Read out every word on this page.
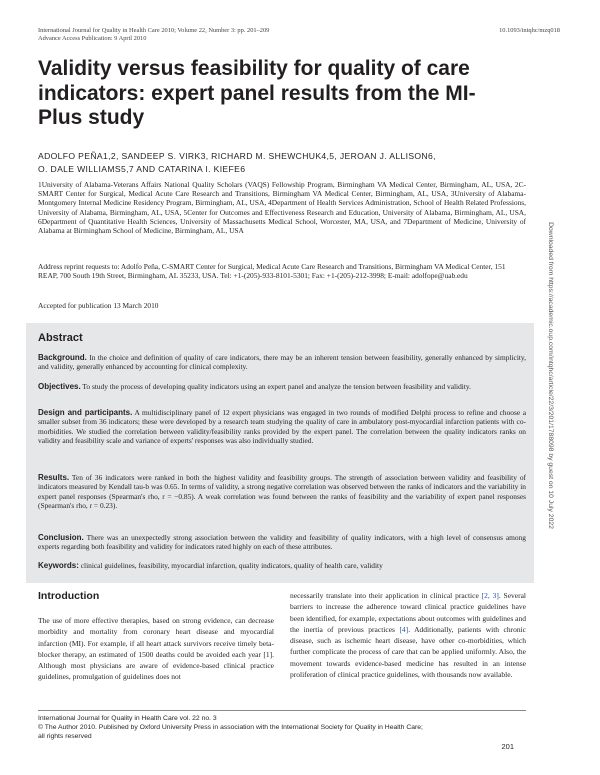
International Journal for Quality in Health Care 2010; Volume 22, Number 3: pp. 201–209
Advance Access Publication: 9 April 2010
10.1093/intqhc/mzq018
Validity versus feasibility for quality of care indicators: expert panel results from the MI-Plus study
ADOLFO PEÑA1,2, SANDEEP S. VIRK3, RICHARD M. SHEWCHUK4,5, JEROAN J. ALLISON6,
O. DALE WILLIAMS5,7 AND CATARINA I. KIEFE6
1University of Alabama-Veterans Affairs National Quality Scholars (VAQS) Fellowship Program, Birmingham VA Medical Center, Birmingham, AL, USA, 2C-SMART Center for Surgical, Medical Acute Care Research and Transitions, Birmingham VA Medical Center, Birmingham, AL, USA, 3University of Alabama-Montgomery Internal Medicine Residency Program, Birmingham, AL, USA, 4Department of Health Services Administration, School of Health Related Professions, University of Alabama, Birmingham, AL, USA, 5Center for Outcomes and Effectiveness Research and Education, University of Alabama, Birmingham, AL, USA, 6Department of Quantitative Health Sciences, University of Massachusetts Medical School, Worcester, MA, USA, and 7Department of Medicine, University of Alabama at Birmingham School of Medicine, Birmingham, AL, USA
Address reprint requests to: Adolfo Peña, C-SMART Center for Surgical, Medical Acute Care Research and Transitions, Birmingham VA Medical Center, 151 REAP, 700 South 19th Street, Birmingham, AL 35233, USA. Tel: +1-(205)-933-8101-5301; Fax: +1-(205)-212-3998; E-mail: adolfope@uab.edu
Accepted for publication 13 March 2010
Abstract
Background. In the choice and definition of quality of care indicators, there may be an inherent tension between feasibility, generally enhanced by simplicity, and validity, generally enhanced by accounting for clinical complexity.
Objectives. To study the process of developing quality indicators using an expert panel and analyze the tension between feasibility and validity.
Design and participants. A multidisciplinary panel of 12 expert physicians was engaged in two rounds of modified Delphi process to refine and choose a smaller subset from 36 indicators; these were developed by a research team studying the quality of care in ambulatory post-myocardial infarction patients with co-morbidities. We studied the correlation between validity/feasibility ranks provided by the expert panel. The correlation between the quality indicators ranks on validity and feasibility scale and variance of experts' responses was also individually studied.
Results. Ten of 36 indicators were ranked in both the highest validity and feasibility groups. The strength of association between validity and feasibility of indicators measured by Kendall tau-b was 0.65. In terms of validity, a strong negative correlation was observed between the ranks of indicators and the variability in expert panel responses (Spearman's rho, r = −0.85). A weak correlation was found between the ranks of feasibility and the variability of expert panel responses (Spearman's rho, r = 0.23).
Conclusion. There was an unexpectedly strong association between the validity and feasibility of quality indicators, with a high level of consensus among experts regarding both feasibility and validity for indicators rated highly on each of these attributes.
Keywords: clinical guidelines, feasibility, myocardial infarction, quality indicators, quality of health care, validity
Downloaded from https://academic.oup.com/intqhc/article/22/3/201/1788098 by guest on 10 July 2022
Introduction
The use of more effective therapies, based on strong evidence, can decrease morbidity and mortality from coronary heart disease and myocardial infarction (MI). For example, if all heart attack survivors receive timely beta-blocker therapy, an estimated of 1500 deaths could be avoided each year [1]. Although most physicians are aware of evidence-based clinical practice guidelines, promulgation of guidelines does not
necessarily translate into their application in clinical practice [2, 3]. Several barriers to increase the adherence toward clinical practice guidelines have been identified, for example, expectations about outcomes with guidelines and the inertia of previous practices [4]. Additionally, patients with chronic disease, such as ischemic heart disease, have other co-morbidities, which further complicate the process of care that can be applied uniformly. Also, the movement towards evidence-based medicine has resulted in an intense proliferation of clinical practice guidelines, with thousands now available.
International Journal for Quality in Health Care vol. 22 no. 3
© The Author 2010. Published by Oxford University Press in association with the International Society for Quality in Health Care;
all rights reserved
201
